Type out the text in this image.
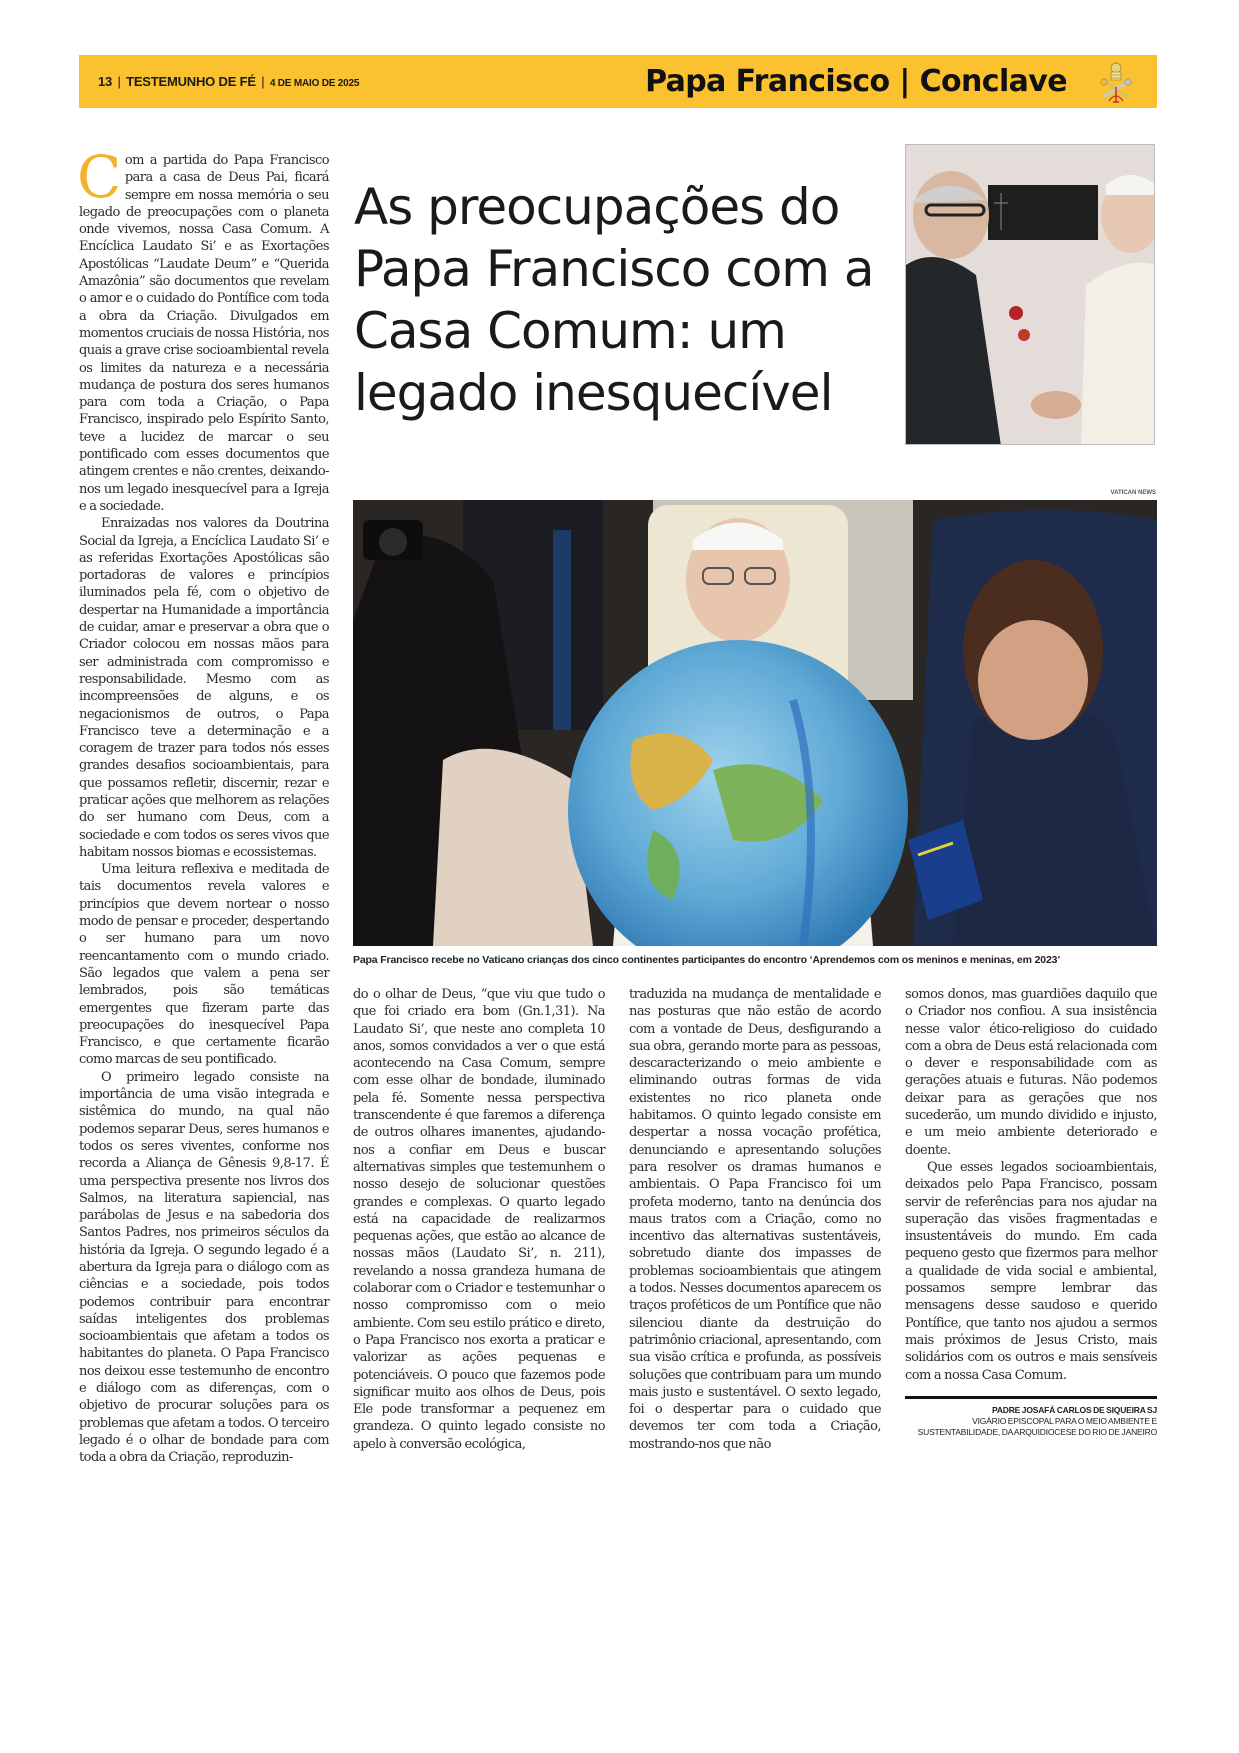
13 | TESTEMUNHO DE FÉ | 4 DE MAIO DE 2025	Papa Francisco | Conclave
As preocupações do Papa Francisco com a Casa Comum: um legado inesquecível
VATICAN NEWS
Papa Francisco recebe no Vaticano crianças dos cinco continentes participantes do encontro ‘Aprendemos com os meninos e meninas, em 2023’

Com a partida do Papa Francisco para a casa de Deus Pai, ficará sempre em nossa memória o seu legado de preocupações com o planeta onde vivemos, nossa Casa Comum. A Encíclica Laudato Si’ e as Exortações Apostólicas “Laudate Deum” e “Querida Amazônia” são documentos que revelam o amor e o cuidado do Pontífice com toda a obra da Criação. Divulgados em momentos cruciais de nossa História, nos quais a grave crise socioambiental revela os limites da natureza e a necessária mudança de postura dos seres humanos para com toda a Criação, o Papa Francisco, inspirado pelo Espírito Santo, teve a lucidez de marcar o seu pontificado com esses documentos que atingem crentes e não crentes, deixando-nos um legado inesquecível para a Igreja e a sociedade.

Enraizadas nos valores da Doutrina Social da Igreja, a Encíclica Laudato Si’ e as referidas Exortações Apostólicas são portadoras de valores e princípios iluminados pela fé, com o objetivo de despertar na Humanidade a importância de cuidar, amar e preservar a obra que o Criador colocou em nossas mãos para ser administrada com compromisso e responsabilidade. Mesmo com as incompreensões de alguns, e os negacionismos de outros, o Papa Francisco teve a determinação e a coragem de trazer para todos nós esses grandes desafios socioambientais, para que possamos refletir, discernir, rezar e praticar ações que melhorem as relações do ser humano com Deus, com a sociedade e com todos os seres vivos que habitam nossos biomas e ecossistemas.

Uma leitura reflexiva e meditada de tais documentos revela valores e princípios que devem nortear o nosso modo de pensar e proceder, despertando o ser humano para um novo reencantamento com o mundo criado. São legados que valem a pena ser lembrados, pois são temáticas emergentes que fizeram parte das preocupações do inesquecível Papa Francisco, e que certamente ficarão como marcas de seu pontificado.

O primeiro legado consiste na importância de uma visão integrada e sistêmica do mundo, na qual não podemos separar Deus, seres humanos e todos os seres viventes, conforme nos recorda a Aliança de Gênesis 9,8-17. É uma perspectiva presente nos livros dos Salmos, na literatura sapiencial, nas parábolas de Jesus e na sabedoria dos Santos Padres, nos primeiros séculos da história da Igreja. O segundo legado é a abertura da Igreja para o diálogo com as ciências e a sociedade, pois todos podemos contribuir para encontrar saídas inteligentes dos problemas socioambientais que afetam a todos os habitantes do planeta. O Papa Francisco nos deixou esse testemunho de encontro e diálogo com as diferenças, com o objetivo de procurar soluções para os problemas que afetam a todos. O terceiro legado é o olhar de bondade para com toda a obra da Criação, reproduzin-

do o olhar de Deus, “que viu que tudo o que foi criado era bom (Gn.1,31). Na Laudato Si’, que neste ano completa 10 anos, somos convidados a ver o que está acontecendo na Casa Comum, sempre com esse olhar de bondade, iluminado pela fé. Somente nessa perspectiva transcendente é que faremos a diferença de outros olhares imanentes, ajudando-nos a confiar em Deus e buscar alternativas simples que testemunhem o nosso desejo de solucionar questões grandes e complexas. O quarto legado está na capacidade de realizarmos pequenas ações, que estão ao alcance de nossas mãos (Laudato Si’, n. 211), revelando a nossa grandeza humana de colaborar com o Criador e testemunhar o nosso compromisso com o meio ambiente. Com seu estilo prático e direto, o Papa Francisco nos exorta a praticar e valorizar as ações pequenas e potenciáveis. O pouco que fazemos pode significar muito aos olhos de Deus, pois Ele pode transformar a pequenez em grandeza. O quinto legado consiste no apelo à conversão ecológica,

traduzida na mudança de mentalidade e nas posturas que não estão de acordo com a vontade de Deus, desfigurando a sua obra, gerando morte para as pessoas, descaracterizando o meio ambiente e eliminando outras formas de vida existentes no rico planeta onde habitamos. O quinto legado consiste em despertar a nossa vocação profética, denunciando e apresentando soluções para resolver os dramas humanos e ambientais. O Papa Francisco foi um profeta moderno, tanto na denúncia dos maus tratos com a Criação, como no incentivo das alternativas sustentáveis, sobretudo diante dos impasses de problemas socioambientais que atingem a todos. Nesses documentos aparecem os traços proféticos de um Pontífice que não silenciou diante da destruição do patrimônio criacional, apresentando, com sua visão crítica e profunda, as possíveis soluções que contribuam para um mundo mais justo e sustentável. O sexto legado, foi o despertar para o cuidado que devemos ter com toda a Criação, mostrando-nos que não

somos donos, mas guardiões daquilo que o Criador nos confiou. A sua insistência nesse valor ético-religioso do cuidado com a obra de Deus está relacionada com o dever e responsabilidade com as gerações atuais e futuras. Não podemos deixar para as gerações que nos sucederão, um mundo dividido e injusto, e um meio ambiente deteriorado e doente.

Que esses legados socioambientais, deixados pelo Papa Francisco, possam servir de referências para nos ajudar na superação das visões fragmentadas e insustentáveis do mundo. Em cada pequeno gesto que fizermos para melhor a qualidade de vida social e ambiental, possamos sempre lembrar das mensagens desse saudoso e querido Pontífice, que tanto nos ajudou a sermos mais próximos de Jesus Cristo, mais solidários com os outros e mais sensíveis com a nossa Casa Comum.

PADRE JOSAFÁ CARLOS DE SIQUEIRA SJ
VIGÁRIO EPISCOPAL PARA O MEIO AMBIENTE E SUSTENTABILIDADE, DA ARQUIDIOCESE DO RIO DE JANEIRO
